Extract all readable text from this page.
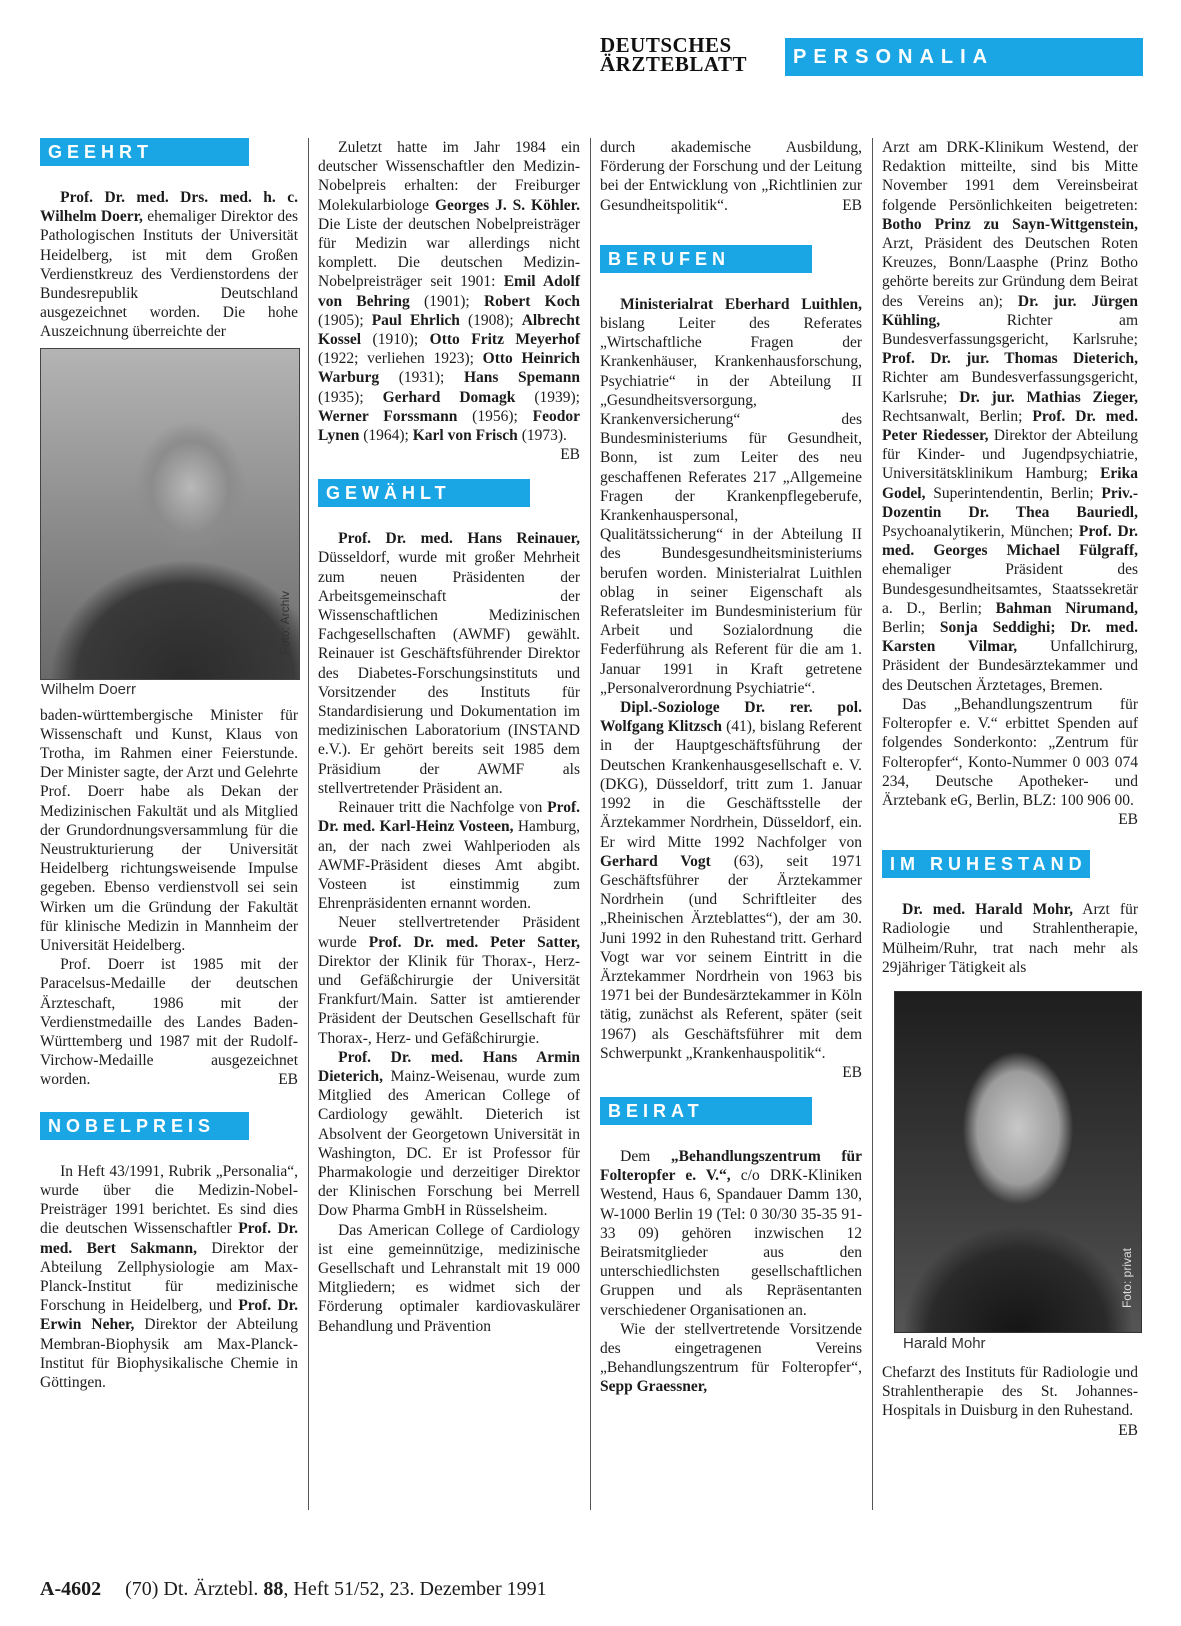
DEUTSCHES
ÄRZTEBLATT	PERSONALIA
GEEHRT

Prof. Dr. med. Drs. med. h. c. Wilhelm Doerr, ehemaliger Direktor des Pathologischen Instituts der Universität Heidelberg, ist mit dem Großen Verdienstkreuz des Verdienstordens der Bundesrepublik Deutschland ausgezeichnet worden. Die hohe Auszeichnung überreichte der

Foto: Archiv
Wilhelm Doerr

baden-württembergische Minister für Wissenschaft und Kunst, Klaus von Trotha, im Rahmen einer Feierstunde. Der Minister sagte, der Arzt und Gelehrte Prof. Doerr habe als Dekan der Medizinischen Fakultät und als Mitglied der Grundordnungsversammlung für die Neustrukturierung der Universität Heidelberg richtungsweisende Impulse gegeben. Ebenso verdienstvoll sei sein Wirken um die Gründung der Fakultät für klinische Medizin in Mannheim der Universität Heidelberg.

Prof. Doerr ist 1985 mit der Paracelsus-Medaille der deutschen Ärzteschaft, 1986 mit der Verdienstmedaille des Landes Baden-Württemberg und 1987 mit der Rudolf-Virchow-Medaille ausgezeichnet worden.	EB

NOBELPREIS

In Heft 43/1991, Rubrik „Personalia“, wurde über die Medizin-Nobel-Preisträger 1991 berichtet. Es sind dies die deutschen Wissenschaftler Prof. Dr. med. Bert Sakmann, Direktor der Abteilung Zellphysiologie am Max-Planck-Institut für medizinische Forschung in Heidelberg, und Prof. Dr. Erwin Neher, Direktor der Abteilung Membran-Biophysik am Max-Planck-Institut für Biophysikalische Chemie in Göttingen.

Zuletzt hatte im Jahr 1984 ein deutscher Wissenschaftler den Medizin-Nobelpreis erhalten: der Freiburger Molekularbiologe Georges J. S. Köhler. Die Liste der deutschen Nobelpreisträger für Medizin war allerdings nicht komplett. Die deutschen Medizin-Nobelpreisträger seit 1901: Emil Adolf von Behring (1901); Robert Koch (1905); Paul Ehrlich (1908); Albrecht Kossel (1910); Otto Fritz Meyerhof (1922; verliehen 1923); Otto Heinrich Warburg (1931); Hans Spemann (1935); Gerhard Domagk (1939); Werner Forssmann (1956); Feodor Lynen (1964); Karl von Frisch (1973).
EB

GEWÄHLT

Prof. Dr. med. Hans Reinauer, Düsseldorf, wurde mit großer Mehrheit zum neuen Präsidenten der Arbeitsgemeinschaft der Wissenschaftlichen Medizinischen Fachgesellschaften (AWMF) gewählt. Reinauer ist Geschäftsführender Direktor des Diabetes-Forschungsinstituts und Vorsitzender des Instituts für Standardisierung und Dokumentation im medizinischen Laboratorium (INSTAND e.V.). Er gehört bereits seit 1985 dem Präsidium der AWMF als stellvertretender Präsident an.

Reinauer tritt die Nachfolge von Prof. Dr. med. Karl-Heinz Vosteen, Hamburg, an, der nach zwei Wahlperioden als AWMF-Präsident dieses Amt abgibt. Vosteen ist einstimmig zum Ehrenpräsidenten ernannt worden.

Neuer stellvertretender Präsident wurde Prof. Dr. med. Peter Satter, Direktor der Klinik für Thorax-, Herz- und Gefäßchirurgie der Universität Frankfurt/Main. Satter ist amtierender Präsident der Deutschen Gesellschaft für Thorax-, Herz- und Gefäßchirurgie.

Prof. Dr. med. Hans Armin Dieterich, Mainz-Weisenau, wurde zum Mitglied des American College of Cardiology gewählt. Dieterich ist Absolvent der Georgetown Universität in Washington, DC. Er ist Professor für Pharmakologie und derzeitiger Direktor der Klinischen Forschung bei Merrell Dow Pharma GmbH in Rüsselsheim.

Das American College of Cardiology ist eine gemeinnützige, medizinische Gesellschaft und Lehranstalt mit 19 000 Mitgliedern; es widmet sich der Förderung optimaler kardiovaskulärer Behandlung und Prävention

durch akademische Ausbildung, Förderung der Forschung und der Leitung bei der Entwicklung von „Richtlinien zur Gesundheitspolitik“.	EB

BERUFEN

Ministerialrat Eberhard Luithlen, bislang Leiter des Referates „Wirtschaftliche Fragen der Krankenhäuser, Krankenhausforschung, Psychiatrie“ in der Abteilung II „Gesundheitsversorgung, Krankenversicherung“ des Bundesministeriums für Gesundheit, Bonn, ist zum Leiter des neu geschaffenen Referates 217 „Allgemeine Fragen der Krankenpflegeberufe, Krankenhauspersonal, Qualitätssicherung“ in der Abteilung II des Bundesgesundheitsministeriums berufen worden. Ministerialrat Luithlen oblag in seiner Eigenschaft als Referatsleiter im Bundesministerium für Arbeit und Sozialordnung die Federführung als Referent für die am 1. Januar 1991 in Kraft getretene „Personalverordnung Psychiatrie“.

Dipl.-Soziologe Dr. rer. pol. Wolfgang Klitzsch (41), bislang Referent in der Hauptgeschäftsführung der Deutschen Krankenhausgesellschaft e. V. (DKG), Düsseldorf, tritt zum 1. Januar 1992 in die Geschäftsstelle der Ärztekammer Nordrhein, Düsseldorf, ein. Er wird Mitte 1992 Nachfolger von Gerhard Vogt (63), seit 1971 Geschäftsführer der Ärztekammer Nordrhein (und Schriftleiter des „Rheinischen Ärzteblattes“), der am 30. Juni 1992 in den Ruhestand tritt. Gerhard Vogt war vor seinem Eintritt in die Ärztekammer Nordrhein von 1963 bis 1971 bei der Bundesärztekammer in Köln tätig, zunächst als Referent, später (seit 1967) als Geschäftsführer mit dem Schwerpunkt „Krankenhauspolitik“.
EB

BEIRAT

Dem „Behandlungszentrum für Folteropfer e. V.“, c/o DRK-Kliniken Westend, Haus 6, Spandauer Damm 130, W-1000 Berlin 19 (Tel: 0 30/30 35-35 91-33 09) gehören inzwischen 12 Beiratsmitglieder aus den unterschiedlichsten gesellschaftlichen Gruppen und als Repräsentanten verschiedener Organisationen an.

Wie der stellvertretende Vorsitzende des eingetragenen Vereins „Behandlungszentrum für Folteropfer“, Sepp Graessner,

Arzt am DRK-Klinikum Westend, der Redaktion mitteilte, sind bis Mitte November 1991 dem Vereinsbeirat folgende Persönlichkeiten beigetreten: Botho Prinz zu Sayn-Wittgenstein, Arzt, Präsident des Deutschen Roten Kreuzes, Bonn/Laasphe (Prinz Botho gehörte bereits zur Gründung dem Beirat des Vereins an); Dr. jur. Jürgen Kühling, Richter am Bundesverfassungsgericht, Karlsruhe; Prof. Dr. jur. Thomas Dieterich, Richter am Bundesverfassungsgericht, Karlsruhe; Dr. jur. Mathias Zieger, Rechtsanwalt, Berlin; Prof. Dr. med. Peter Riedesser, Direktor der Abteilung für Kinder- und Jugendpsychiatrie, Universitätsklinikum Hamburg; Erika Godel, Superintendentin, Berlin; Priv.-Dozentin Dr. Thea Bauriedl, Psychoanalytikerin, München; Prof. Dr. med. Georges Michael Fülgraff, ehemaliger Präsident des Bundesgesundheitsamtes, Staatssekretär a. D., Berlin; Bahman Nirumand, Berlin; Sonja Seddighi; Dr. med. Karsten Vilmar, Unfallchirurg, Präsident der Bundesärztekammer und des Deutschen Ärztetages, Bremen.

Das „Behandlungszentrum für Folteropfer e. V.“ erbittet Spenden auf folgendes Sonderkonto: „Zentrum für Folteropfer“, Konto-Nummer 0 003 074 234, Deutsche Apotheker- und Ärztebank eG, Berlin, BLZ: 100 906 00.
EB

IM RUHESTAND

Dr. med. Harald Mohr, Arzt für Radiologie und Strahlentherapie, Mülheim/Ruhr, trat nach mehr als 29jähriger Tätigkeit als

Foto: privat
Harald Mohr

Chefarzt des Instituts für Radiologie und Strahlentherapie des St. Johannes-Hospitals in Duisburg in den Ruhestand.
EB

A-4602 (70) Dt. Ärztebl. 88, Heft 51/52, 23. Dezember 1991
